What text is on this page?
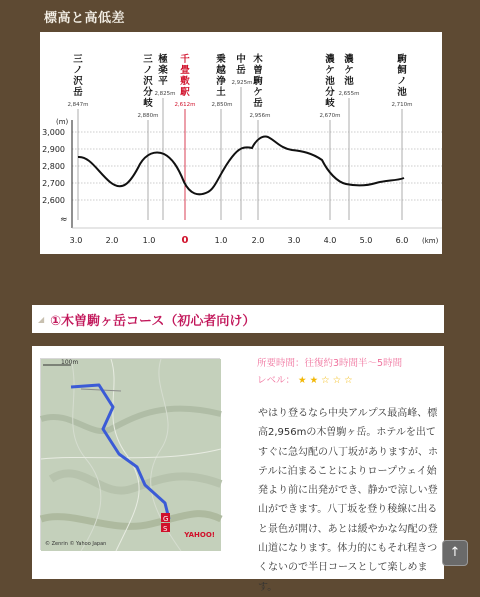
標高と高低差
3,000
2,900
2,800
2,700
2,600
(m)
≈
3.0	2.0	1.0	0	1.0	2.0	3.0	4.0	5.0	6.0 (km)
三ノ沢岳
2,847m
三ノ沢分岐
2,880m
極楽平
2,825m
千畳敷駅
2,612m
乗越浄土
2,850m
中岳
2,925m
木曽駒ケ岳
2,956m
濃ケ池分岐
2,670m
濃ケ池
2,655m
駒飼ノ池
2,710m
◢ ①木曽駒ヶ岳コース（初心者向け）
G
S
100m
YAHOO!
© Zenrin © Yahoo Japan
所要時間：往復約3時間半〜5時間
レベル： ★ ★ ☆ ☆ ☆
やはり登るなら中央アルプス最高峰、標高2,956mの木曽駒ヶ岳。ホテルを出てすぐに急勾配の八丁坂がありますが、ホテルに泊まることによりロープウェイ始発より前に出発ができ、静かで涼しい登山ができます。八丁坂を登り稜線に出ると景色が開け、あとは緩やかな勾配の登山道になります。体力的にもそれ程きつくないので半日コースとして楽しめます。
↑
